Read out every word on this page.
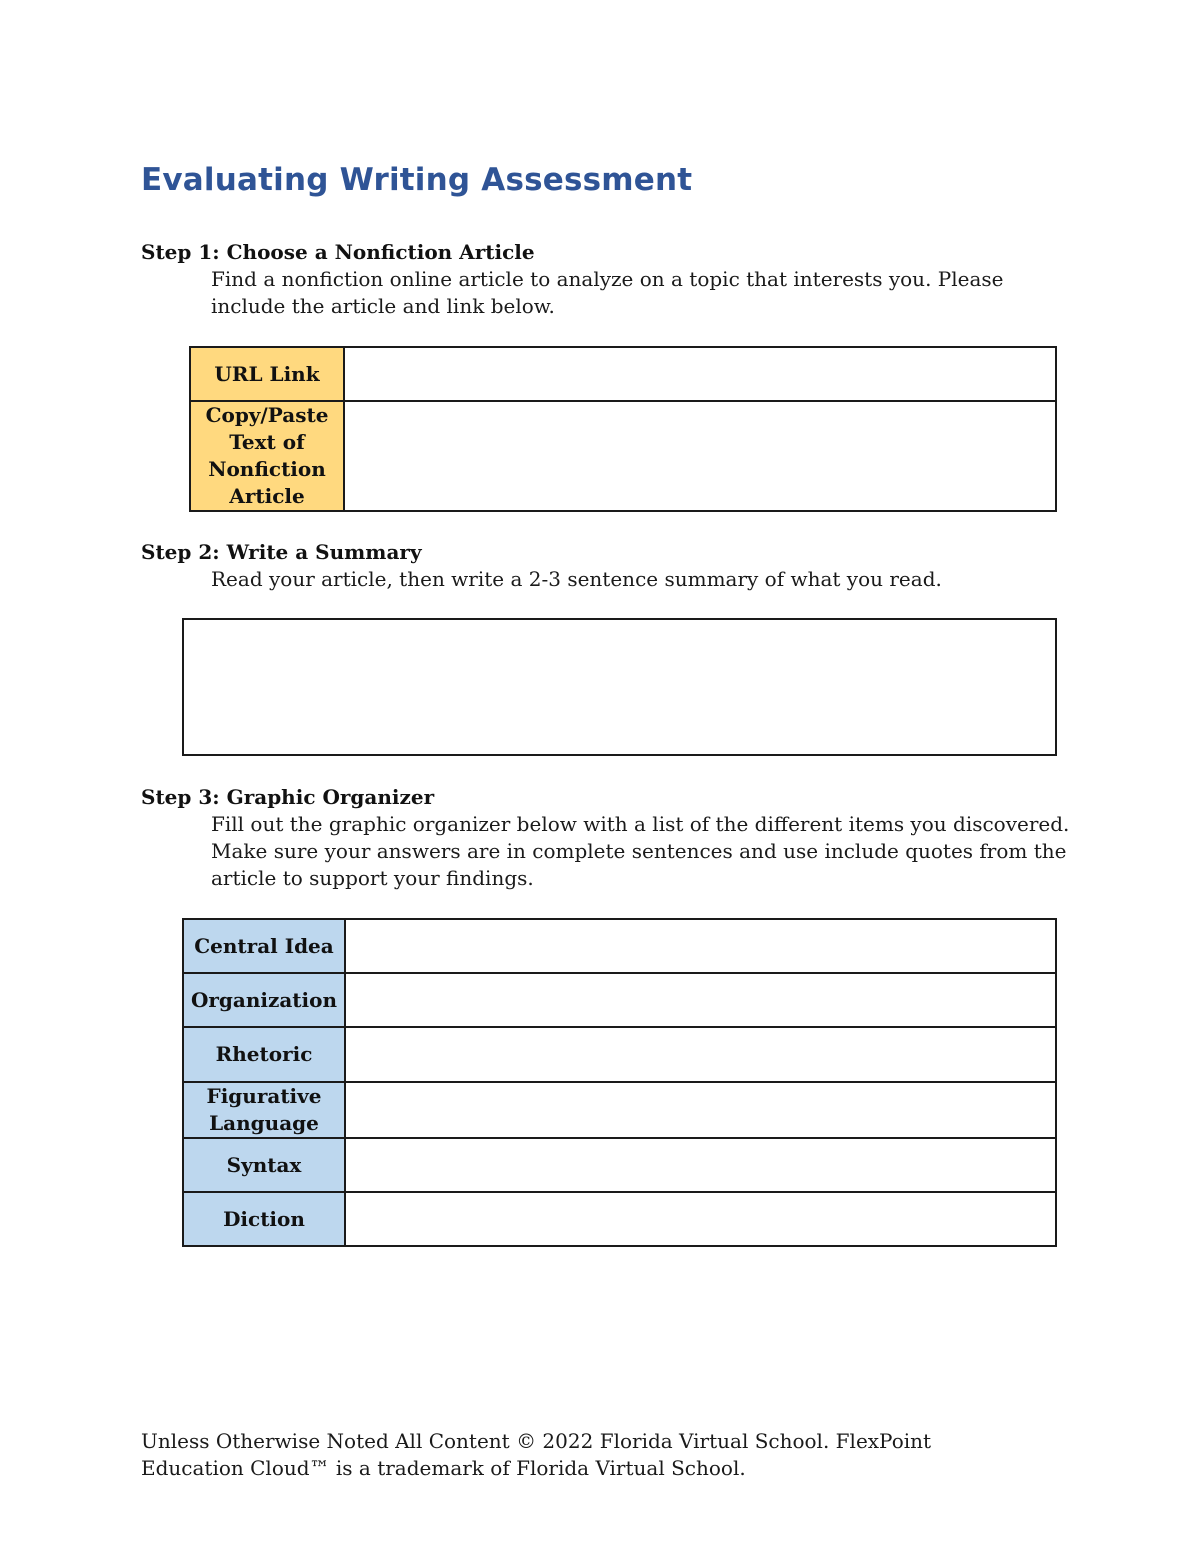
Evaluating Writing Assessment

Step 1: Choose a Nonfiction Article

Find a nonfiction online article to analyze on a topic that interests you. Please include the article and link below.

URL Link	
Copy/Paste Text of Nonfiction Article	

Step 2: Write a Summary

Read your article, then write a 2-3 sentence summary of what you read.

Step 3: Graphic Organizer

Fill out the graphic organizer below with a list of the different items you discovered. Make sure your answers are in complete sentences and use include quotes from the article to support your findings.

Central Idea	
Organization	
Rhetoric	
Figurative Language	
Syntax	
Diction	

Unless Otherwise Noted All Content © 2022 Florida Virtual School. FlexPoint Education Cloud™ is a trademark of Florida Virtual School.
